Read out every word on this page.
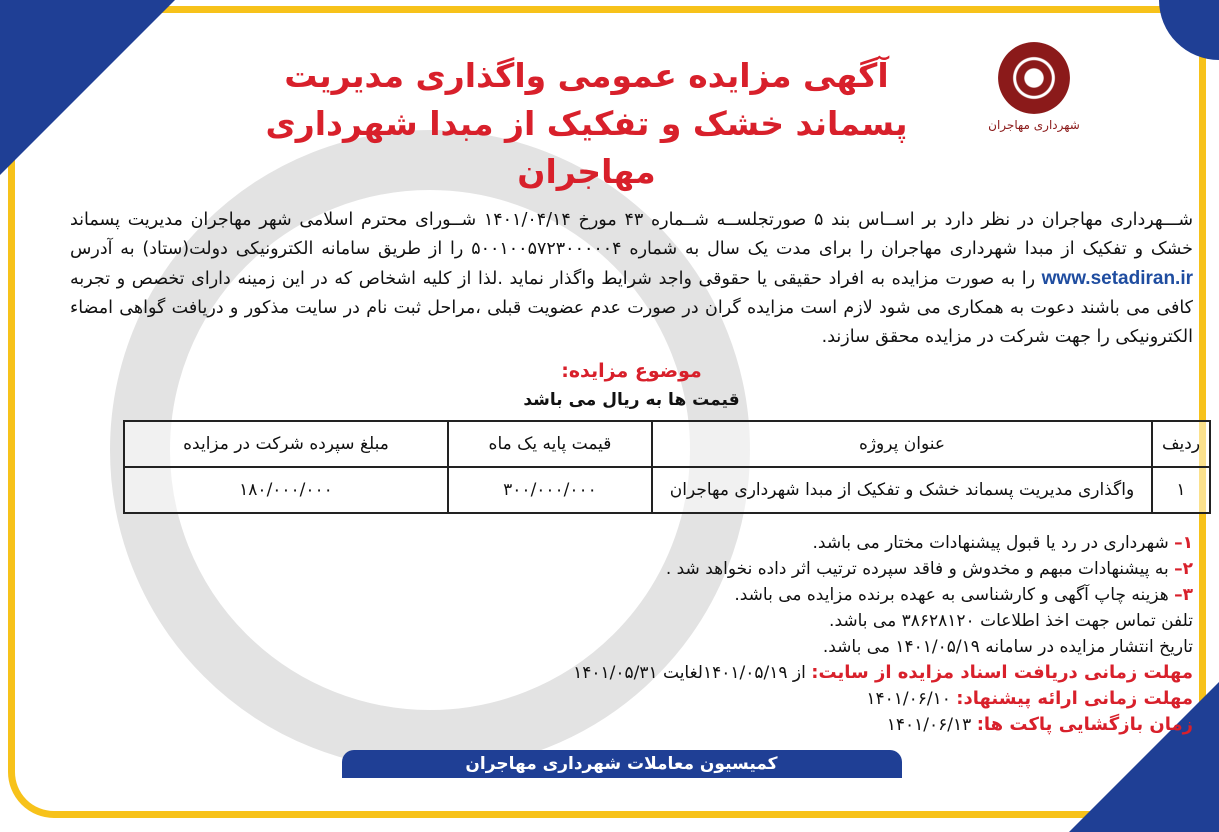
نوبت دوم	شهرداری مهاجران
آگهی مزایده عمومی واگذاری مدیریت
پسماند خشک و تفکیک از مبدا شهرداری مهاجران
شـــهرداری مهاجران در نظر دارد بر اســاس بند ۵ صورتجلســه شــماره ۴۳ مورخ ۱۴۰۱/۰۴/۱۴ شــورای محترم اسلامی شهر مهاجران مدیریت پسماند خشک و تفکیک از مبدا شهرداری مهاجران را برای مدت یک سال به شماره ۵۰۰۱۰۰۵۷۲۳۰۰۰۰۰۴ را از طریق سامانه الکترونیکی دولت(ستاد) به آدرس www.setadiran.ir را به صورت مزایده به افراد حقیقی یا حقوقی واجد شرایط واگذار نماید .لذا از کلیه اشخاص که در این زمینه دارای تخصص و تجربه کافی می باشند دعوت به همکاری می شود لازم است مزایده گران در صورت عدم عضویت قبلی ،مراحل ثبت نام در سایت مذکور و دریافت گواهی امضاء الکترونیکی را جهت شرکت در مزایده محقق سازند.
موضوع مزایده:
قیمت ها به ریال می باشد
ردیف	عنوان پروژه	قیمت پایه یک ماه	مبلغ سپرده شرکت در مزایده
۱	واگذاری مدیریت پسماند خشک و تفکیک از مبدا شهرداری مهاجران	۳۰۰/۰۰۰/۰۰۰	۱۸۰/۰۰۰/۰۰۰
۱– شهرداری در رد یا قبول پیشنهادات مختار می باشد.
۲– به پیشنهادات مبهم و مخدوش و فاقد سپرده ترتیب اثر داده نخواهد شد .
۳– هزینه چاپ آگهی و کارشناسی به عهده برنده مزایده می باشد.
تلفن تماس جهت اخذ اطلاعات ۳۸۶۲۸۱۲۰ می باشد.
تاریخ انتشار مزایده در سامانه ۱۴۰۱/۰۵/۱۹ می باشد.
مهلت زمانی دریافت اسناد مزایده از سایت: از ۱۴۰۱/۰۵/۱۹لغایت ۱۴۰۱/۰۵/۳۱
مهلت زمانی ارائه پیشنهاد: ۱۴۰۱/۰۶/۱۰
زمان بازگشایی پاکت ها: ۱۴۰۱/۰۶/۱۳
کمیسیون معاملات شهرداری مهاجران
